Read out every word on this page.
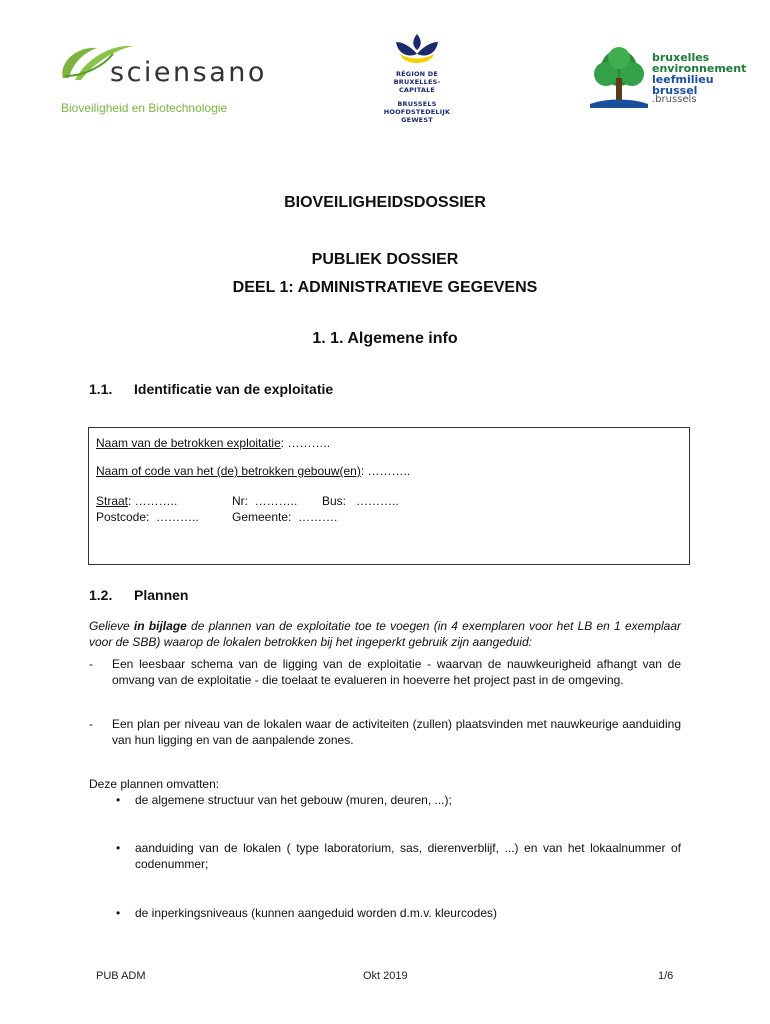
sciensano
Bioveiligheid en Biotechnologie
RÉGION DE
BRUXELLES-
CAPITALE
BRUSSELS
HOOFDSTEDELIJK
GEWEST
bruxelles
environnement
leefmilieu
brussel
.brussels
BIOVEILIGHEIDSDOSSIER
PUBLIEK DOSSIER
DEEL 1: ADMINISTRATIEVE GEGEVENS
1. 1. Algemene info
1.1. Identificatie van de exploitatie
Naam van de betrokken exploitatie: ………..
Naam of code van het (de) betrokken gebouw(en): ………..
Straat: ………..	Nr: ……….. Bus: ………..
Postcode: ………..	Gemeente: ……….
1.2. Plannen
Gelieve in bijlage de plannen van de exploitatie toe te voegen (in 4 exemplaren voor het LB en 1 exemplaar voor de SBB) waarop de lokalen betrokken bij het ingeperkt gebruik zijn aangeduid:
- Een leesbaar schema van de ligging van de exploitatie - waarvan de nauwkeurigheid afhangt van de omvang van de exploitatie - die toelaat te evalueren in hoeverre het project past in de omgeving.
- Een plan per niveau van de lokalen waar de activiteiten (zullen) plaatsvinden met nauwkeurige aanduiding van hun ligging en van de aanpalende zones.
Deze plannen omvatten:
• de algemene structuur van het gebouw (muren, deuren, ...);
• aanduiding van de lokalen ( type laboratorium, sas, dierenverblijf, ...) en van het lokaalnummer of codenummer;
• de inperkingsniveaus (kunnen aangeduid worden d.m.v. kleurcodes)
PUB ADM	Okt 2019	1/6
